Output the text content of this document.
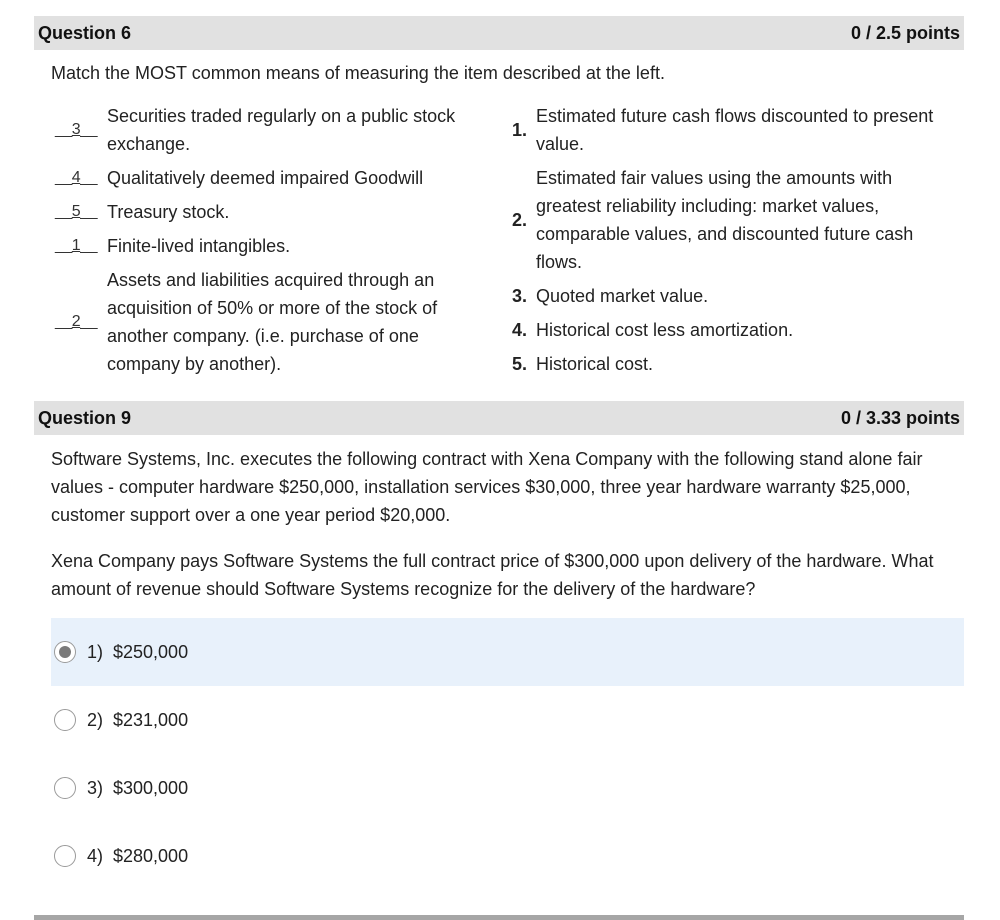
Question 6	0 / 2.5 points
Match the MOST common means of measuring the item described at the left.
__3__
Securities traded regularly on a public stock exchange.
__4__ Qualitatively deemed impaired Goodwill
__5__ Treasury stock.
__1__ Finite-lived intangibles.
__2__
Assets and liabilities acquired through an acquisition of 50% or more of the stock of another company. (i.e. purchase of one company by another).
1.
Estimated future cash flows discounted to present value.
2.
Estimated fair values using the amounts with greatest reliability including: market values, comparable values, and discounted future cash flows.
3. Quoted market value.
4. Historical cost less amortization.
5. Historical cost.
Question 9	0 / 3.33 points
Software Systems, Inc. executes the following contract with Xena Company with the following stand alone fair values - computer hardware $250,000, installation services $30,000, three year hardware warranty $25,000, customer support over a one year period $20,000.
Xena Company pays Software Systems the full contract price of $300,000 upon delivery of the hardware. What amount of revenue should Software Systems recognize for the delivery of the hardware?
1)  $250,000
2)  $231,000
3)  $300,000
4)  $280,000
